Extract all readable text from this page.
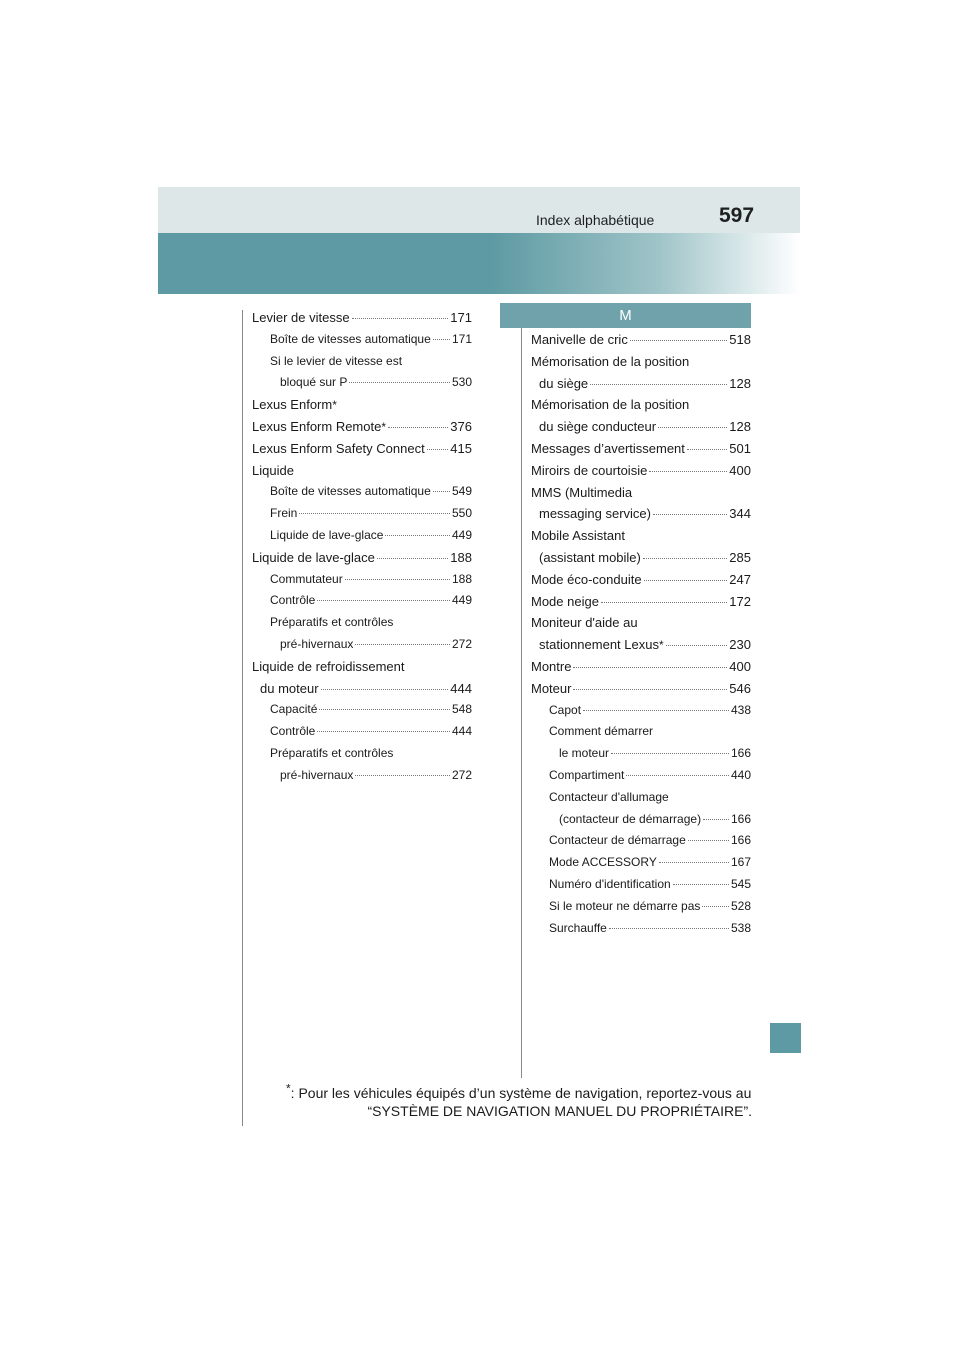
Index alphabétique	597
M
Levier de vitesse	171
Boîte de vitesses automatique 171
Si le levier de vitesse est
bloqué sur P	530
Lexus Enform *
Lexus Enform Remote *	376
Lexus Enform Safety Connect 415
Liquide
Boîte de vitesses automatique 549
Frein	550
Liquide de lave-glace	449
Liquide de lave-glace	188
Commutateur	188
Contrôle	449
Préparatifs et contrôles
pré-hivernaux	272
Liquide de refroidissement
du moteur	444
Capacité	548
Contrôle	444
Préparatifs et contrôles
pré-hivernaux	272
Manivelle de cric	518
Mémorisation de la position
du siège	128
Mémorisation de la position
du siège conducteur	128
Messages d’avertissement	501
Miroirs de courtoisie	400
MMS (Multimedia
messaging service)	344
Mobile Assistant
(assistant mobile)	285
Mode éco-conduite	247
Mode neige	172
Moniteur d'aide au
stationnement Lexus *	230
Montre	400
Moteur	546
Capot	438
Comment démarrer
le moteur	166
Compartiment	440
Contacteur d'allumage
(contacteur de démarrage) 166
Contacteur de démarrage	166
Mode ACCESSORY	167
Numéro d'identification	545
Si le moteur ne démarre pas	528
Surchauffe	538
*: Pour les véhicules équipés d’un système de navigation, reportez-vous au
“SYSTÈME DE NAVIGATION MANUEL DU PROPRIÉTAIRE”.
